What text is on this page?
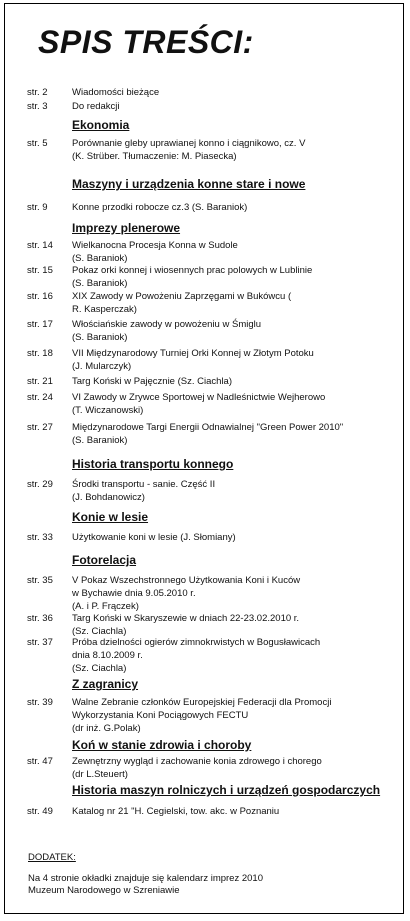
SPIS TREŚCI:
Ekonomia
Maszyny i urządzenia konne stare i nowe
Imprezy plenerowe
Historia transportu konnego
Konie w lesie
Fotorelacja
Z zagranicy
Koń w stanie zdrowia i choroby
Historia maszyn rolniczych i urządzeń gospodarczych
str. 2	Wiadomości bieżące
str. 3	Do redakcji
str. 5	Porównanie gleby uprawianej konno i ciągnikowo, cz. V
(K. Strüber. Tłumaczenie: M. Piasecka)
str. 9	Konne przodki robocze cz.3 (S. Baraniok)
str. 14 Wielkanocna Procesja Konna w Sudole
(S. Baraniok)
str. 15 Pokaz orki konnej i wiosennych prac polowych w Lublinie
(S. Baraniok)
str. 16 XIX Zawody w Powożeniu Zaprzęgami w Bukówcu (
R. Kasperczak)
str. 17 Włościańskie zawody w powożeniu w Śmiglu
(S. Baraniok)
str. 18 VII Międzynarodowy Turniej Orki Konnej w Złotym Potoku
(J. Mularczyk)
str. 21 Targ Koński w Pajęcznie (Sz. Ciachla)
str. 24 VI Zawody w Zrywce Sportowej w Nadleśnictwie Wejherowo
(T. Wiczanowski)
str. 27 Międzynarodowe Targi Energii Odnawialnej "Green Power 2010"
(S. Baraniok)
str. 29 Środki transportu - sanie. Część II
(J. Bohdanowicz)
str. 33 Użytkowanie koni w lesie (J. Słomiany)
str. 35 V Pokaz Wszechstronnego Użytkowania Koni i Kuców
w Bychawie dnia 9.05.2010 r.
(A. i P. Frączek)
str. 36 Targ Koński w Skaryszewie w dniach 22-23.02.2010 r.
(Sz. Ciachla)
str. 37 Próba dzielności ogierów zimnokrwistych w Bogusławicach
dnia 8.10.2009 r.
(Sz. Ciachla)
str. 39 Walne Zebranie członków Europejskiej Federacji dla Promocji
Wykorzystania Koni Pociągowych FECTU
(dr inż. G.Polak)
str. 47 Zewnętrzny wygląd i zachowanie konia zdrowego i chorego
(dr L.Steuert)
str. 49 Katalog nr 21 "H. Cegielski, tow. akc. w Poznaniu
DODATEK:
Na 4 stronie okładki znajduje się kalendarz imprez 2010
Muzeum Narodowego w Szreniawie
